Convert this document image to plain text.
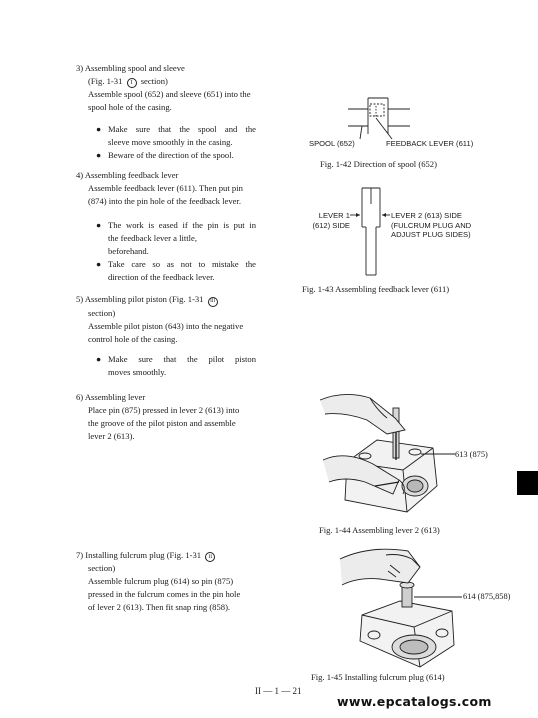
3) Assembling spool and sleeve
(Fig. 1-31 I section)
Assemble spool (652) and sleeve (651) into the
spool hole of the casing.
● Make sure that the spool and the
sleeve move smoothly in the casing.
● Beware of the direction of the spool.
4) Assembling feedback lever
Assemble feedback lever (611). Then put pin
(874) into the pin hole of the feedback lever.
● The work is eased if the pin is put in
the feedback lever a little,
beforehand.
● Take care so as not to mistake the
direction of the feedback lever.
5) Assembling pilot piston (Fig. 1-31 III
section)
Assemble pilot piston (643) into the negative
control hole of the casing.
● Make sure that the pilot piston
moves smoothly.
6) Assembling lever
Place pin (875) pressed in lever 2 (613) into
the groove of the pilot piston and assemble
lever 2 (613).
7) Installing fulcrum plug (Fig. 1-31 II
section)
Assemble fulcrum plug (614) so pin (875)
pressed in the fulcrum comes in the pin hole
of lever 2 (613). Then fit snap ring (858).
SPOOL (652)	FEEDBACK LEVER (611)
Fig. 1-42 Direction of spool (652)
LEVER 1
(612) SIDE
LEVER 2 (613) SIDE
(FULCRUM PLUG AND
ADJUST PLUG SIDES)
Fig. 1-43 Assembling feedback lever (611)
613 (875)
Fig. 1-44 Assembling lever 2 (613)
614 (875,858)
Fig. 1-45 Installing fulcrum plug (614)
II — 1 — 21
www.epcatalogs.com
